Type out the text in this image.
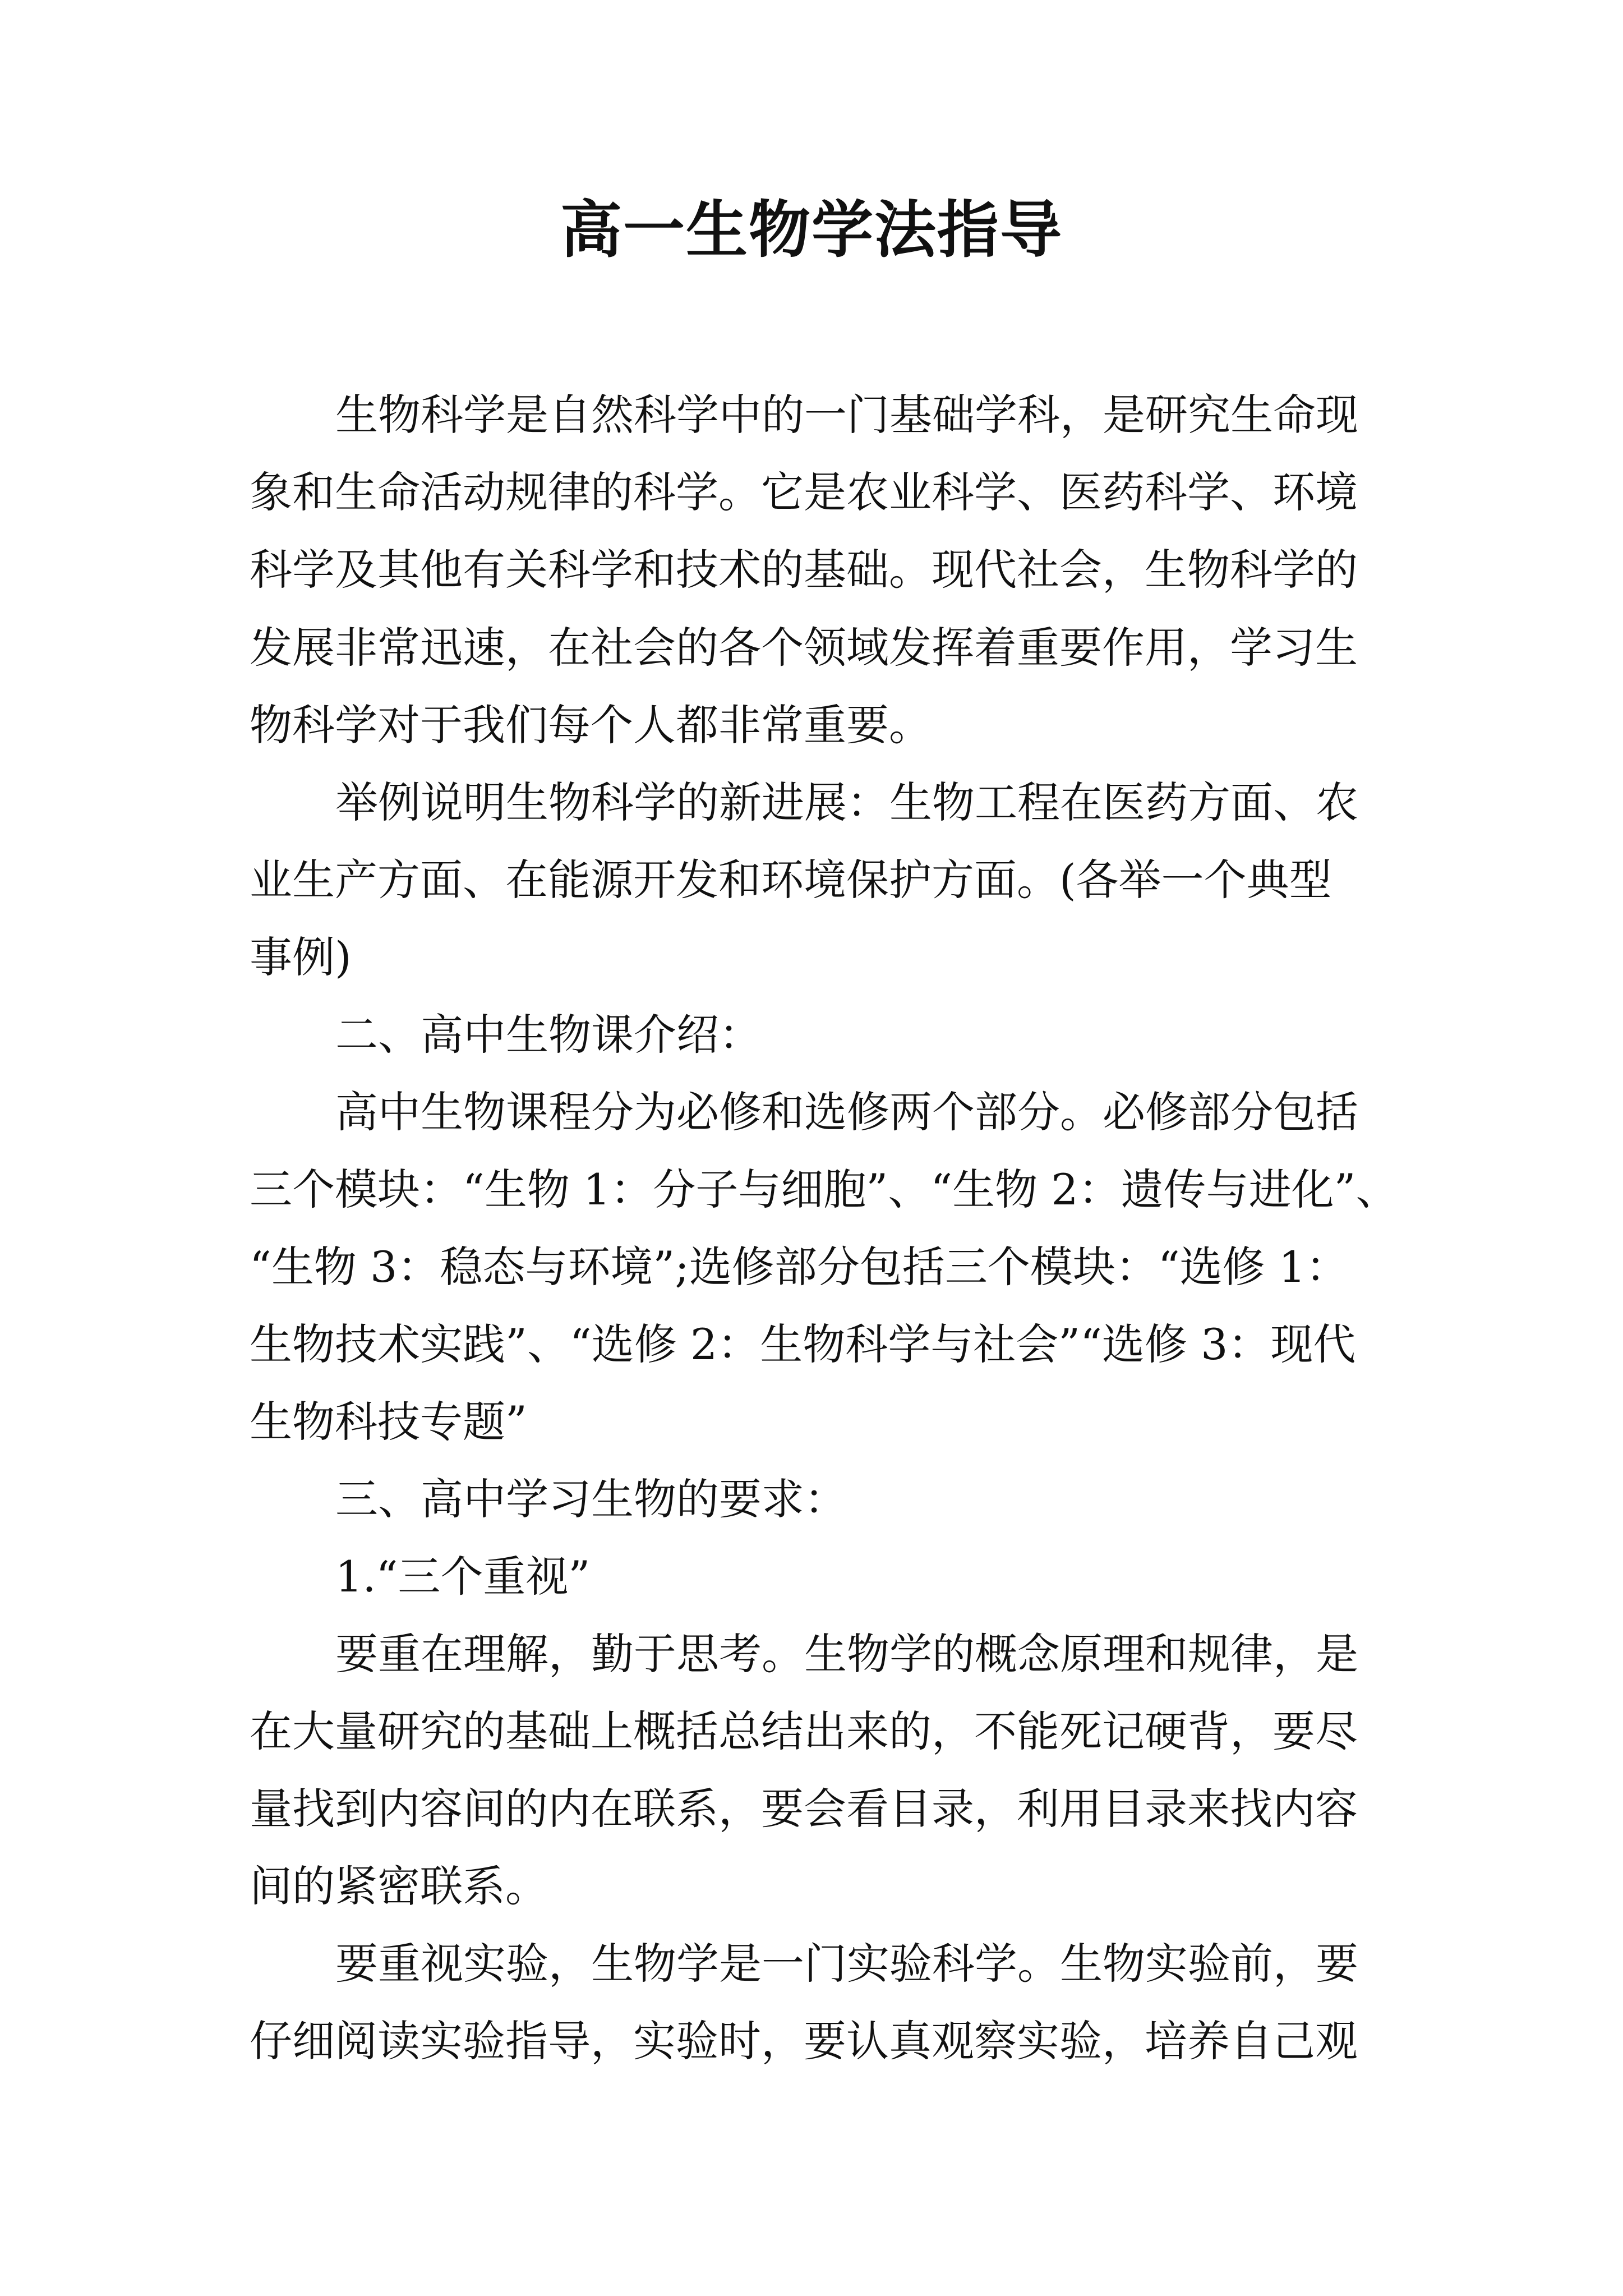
高一生物学法指导

生物科学是自然科学中的一门基础学科，是研究生命现

象和生命活动规律的科学。它是农业科学、医药科学、环境

科学及其他有关科学和技术的基础。现代社会，生物科学的

发展非常迅速，在社会的各个领域发挥着重要作用，学习生

物科学对于我们每个人都非常重要。

举例说明生物科学的新进展：生物工程在医药方面、农

业生产方面、在能源开发和环境保护方面。(各举一个典型

事例)

二、高中生物课介绍：

高中生物课程分为必修和选修两个部分。必修部分包括

三个模块：“生物 1：分子与细胞”、“生物 2：遗传与进化”、

“生物 3：稳态与环境”;选修部分包括三个模块：“选修 1：

生物技术实践”、“选修 2：生物科学与社会”“选修 3：现代

生物科技专题”

三、高中学习生物的要求：

1.“三个重视”

要重在理解，勤于思考。生物学的概念原理和规律，是

在大量研究的基础上概括总结出来的，不能死记硬背，要尽

量找到内容间的内在联系，要会看目录，利用目录来找内容

间的紧密联系。

要重视实验，生物学是一门实验科学。生物实验前，要

仔细阅读实验指导，实验时，要认真观察实验，培养自己观
